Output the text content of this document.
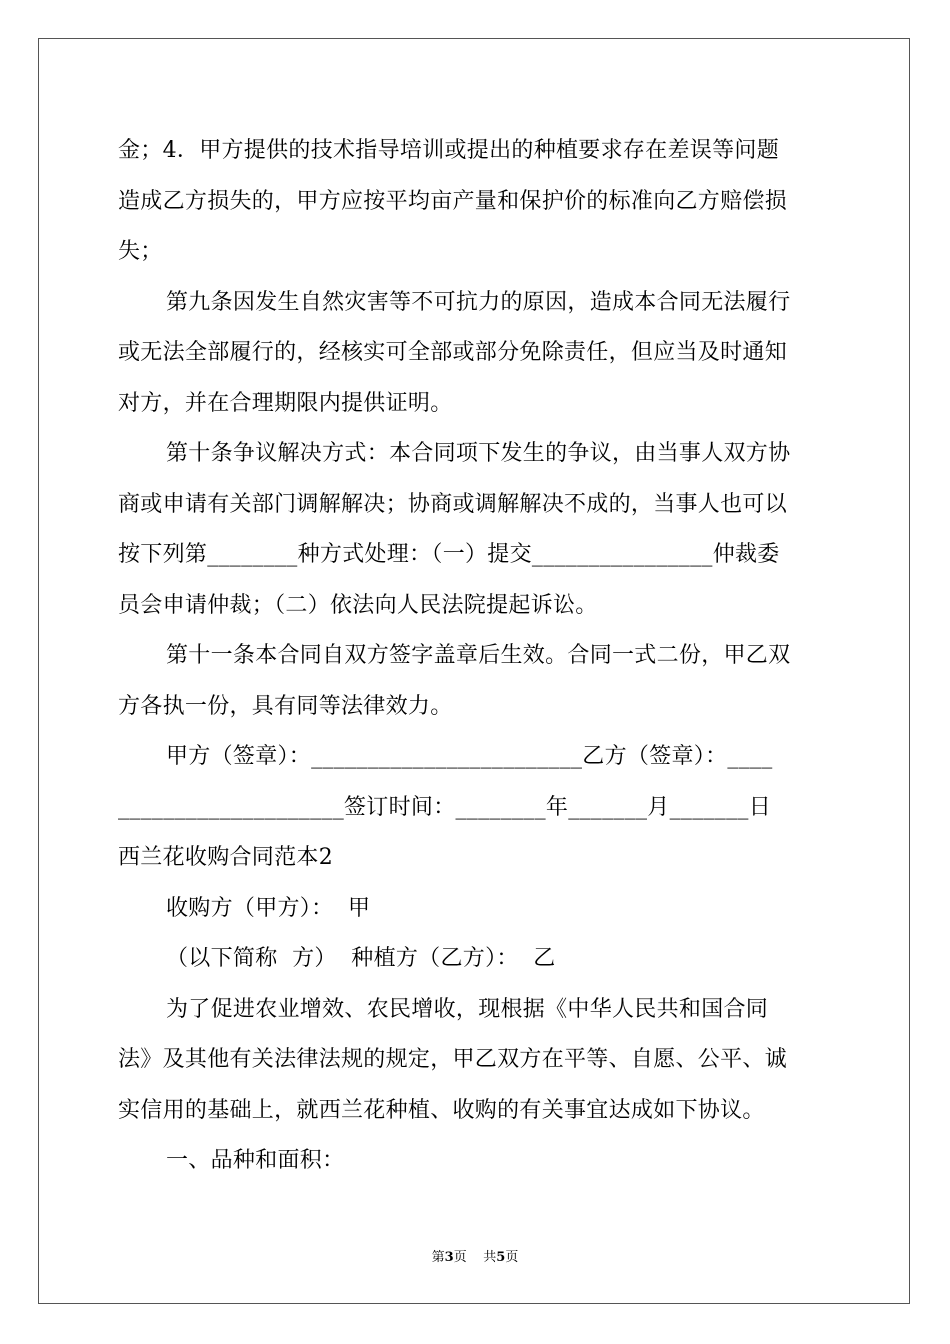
金；4．甲方提供的技术指导培训或提出的种植要求存在差误等问题

造成乙方损失的，甲方应按平均亩产量和保护价的标准向乙方赔偿损

失；

第九条因发生自然灾害等不可抗力的原因，造成本合同无法履行

或无法全部履行的，经核实可全部或部分免除责任，但应当及时通知

对方，并在合理期限内提供证明。

第十条争议解决方式：本合同项下发生的争议，由当事人双方协

商或申请有关部门调解解决；协商或调解解决不成的，当事人也可以

按下列第________种方式处理：（一）提交________________仲裁委

员会申请仲裁；（二）依法向人民法院提起诉讼。

第十一条本合同自双方签字盖章后生效。合同一式二份，甲乙双

方各执一份，具有同等法律效力。

甲方（签章）：________________________乙方（签章）：____

____________________签订时间：________年_______月_______日

西兰花收购合同范本2

收购方（甲方）：  甲

（以下简称  方）  种植方（乙方）：  乙

为了促进农业增效、农民增收，现根据《中华人民共和国合同

法》及其他有关法律法规的规定，甲乙双方在平等、自愿、公平、诚

实信用的基础上，就西兰花种植、收购的有关事宜达成如下协议。

一、品种和面积：

第3页 共5页
